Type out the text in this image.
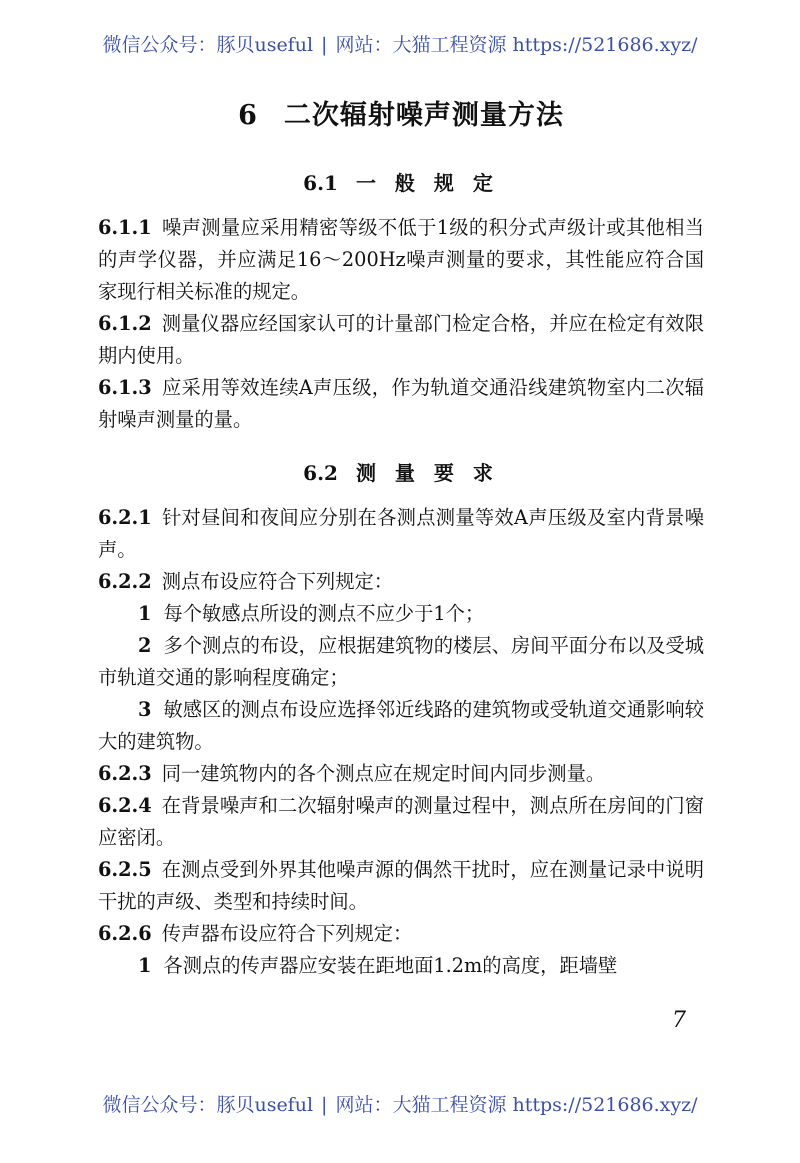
微信公众号：豚贝useful | 网站：大猫工程资源 https://521686.xyz/
6 二次辐射噪声测量方法
6.1 一 般 规 定

6.1.1 噪声测量应采用精密等级不低于1级的积分式声级计或其他相当的声学仪器，并应满足16～200Hz噪声测量的要求，其性能应符合国家现行相关标准的规定。

6.1.2 测量仪器应经国家认可的计量部门检定合格，并应在检定有效限期内使用。

6.1.3 应采用等效连续A声压级，作为轨道交通沿线建筑物室内二次辐射噪声测量的量。

6.2 测 量 要 求

6.2.1 针对昼间和夜间应分别在各测点测量等效A声压级及室内背景噪声。

6.2.2 测点布设应符合下列规定：

1 每个敏感点所设的测点不应少于1个；

2 多个测点的布设，应根据建筑物的楼层、房间平面分布以及受城市轨道交通的影响程度确定；

3 敏感区的测点布设应选择邻近线路的建筑物或受轨道交通影响较大的建筑物。

6.2.3 同一建筑物内的各个测点应在规定时间内同步测量。

6.2.4 在背景噪声和二次辐射噪声的测量过程中，测点所在房间的门窗应密闭。

6.2.5 在测点受到外界其他噪声源的偶然干扰时，应在测量记录中说明干扰的声级、类型和持续时间。

6.2.6 传声器布设应符合下列规定：

1 各测点的传声器应安装在距地面1.2m的高度，距墙壁

7
微信公众号：豚贝useful | 网站：大猫工程资源 https://521686.xyz/
